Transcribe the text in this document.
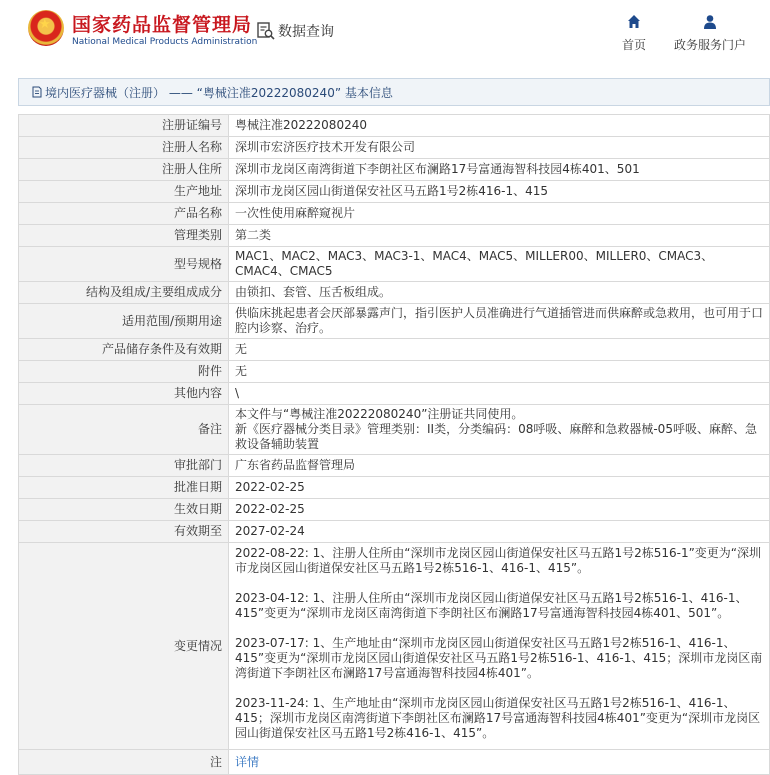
★ 国家药品监督管理局
National Medical Products Administration
数据查询
首页	政务服务门户
境内医疗器械（注册） —— “粤械注准20222080240” 基本信息
注册证编号	粤械注准20222080240
注册人名称	深圳市宏济医疗技术开发有限公司
注册人住所	深圳市龙岗区南湾街道下李朗社区布澜路17号富通海智科技园4栋401、501
生产地址	深圳市龙岗区园山街道保安社区马五路1号2栋416-1、415
产品名称	一次性使用麻醉窥视片
管理类别	第二类
型号规格	MAC1、MAC2、MAC3、MAC3-1、MAC4、MAC5、MILLER00、MILLER0、CMAC3、CMAC4、CMAC5
结构及组成/主要组成成分	由锁扣、套管、压舌板组成。
适用范围/预期用途	供临床挑起患者会厌部暴露声门，指引医护人员准确进行气道插管进而供麻醉或急救用，也可用于口腔内诊察、治疗。
产品储存条件及有效期	无
附件	无
其他内容	\
备注	本文件与“粤械注准20222080240”注册证共同使用。
新《医疗器械分类目录》管理类别：II类，分类编码：08呼吸、麻醉和急救器械-05呼吸、麻醉、急救设备辅助装置
审批部门	广东省药品监督管理局
批准日期	2022-02-25
生效日期	2022-02-25
有效期至	2027-02-24
变更情况	2022-08-22: 1、注册人住所由“深圳市龙岗区园山街道保安社区马五路1号2栋516-1”变更为“深圳市龙岗区园山街道保安社区马五路1号2栋516-1、416-1、415”。

2023-04-12: 1、注册人住所由“深圳市龙岗区园山街道保安社区马五路1号2栋516-1、416-1、415”变更为“深圳市龙岗区南湾街道下李朗社区布澜路17号富通海智科技园4栋401、501”。

2023-07-17: 1、生产地址由“深圳市龙岗区园山街道保安社区马五路1号2栋516-1、416-1、415”变更为“深圳市龙岗区园山街道保安社区马五路1号2栋516-1、416-1、415；深圳市龙岗区南湾街道下李朗社区布澜路17号富通海智科技园4栋401”。

2023-11-24: 1、生产地址由“深圳市龙岗区园山街道保安社区马五路1号2栋516-1、416-1、415；深圳市龙岗区南湾街道下李朗社区布澜路17号富通海智科技园4栋401”变更为“深圳市龙岗区园山街道保安社区马五路1号2栋416-1、415”。

注	详情
